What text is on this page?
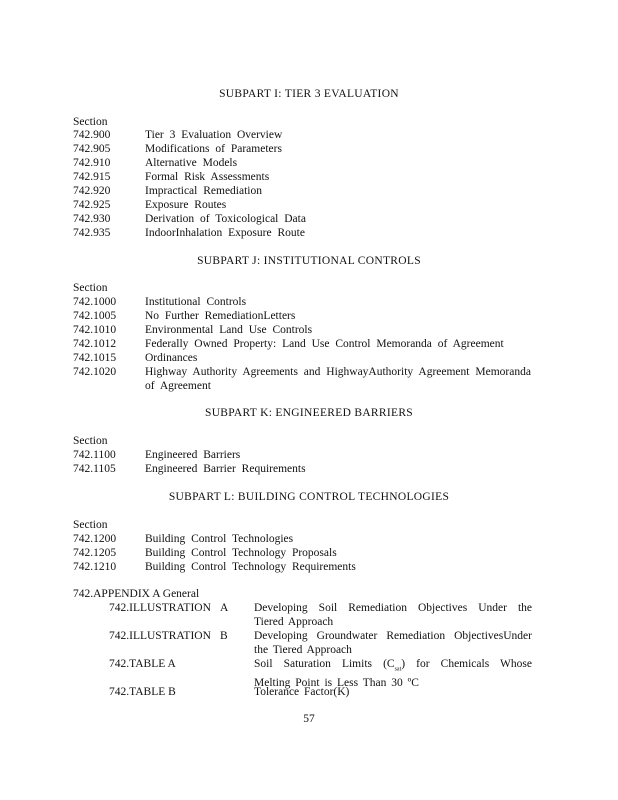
SUBPART I: TIER 3 EVALUATION
Section
742.900	Tier 3 Evaluation Overview
742.905	Modifications of Parameters
742.910	Alternative Models
742.915	Formal Risk Assessments
742.920	Impractical Remediation
742.925	Exposure Routes
742.930	Derivation of Toxicological Data
742.935	IndoorInhalation Exposure Route
SUBPART J: INSTITUTIONAL CONTROLS
Section
742.1000	Institutional Controls
742.1005	No Further RemediationLetters
742.1010	Environmental Land Use Controls
742.1012	Federally Owned Property: Land Use Control Memoranda of Agreement
742.1015	Ordinances
742.1020	Highway Authority Agreements and HighwayAuthority Agreement Memoranda
of Agreement
SUBPART K: ENGINEERED BARRIERS
Section
742.1100	Engineered Barriers
742.1105	Engineered Barrier Requirements
SUBPART L: BUILDING CONTROL TECHNOLOGIES
Section
742.1200	Building Control Technologies
742.1205	Building Control Technology Proposals
742.1210	Building Control Technology Requirements
742.APPENDIX A General
742.ILLUSTRATION A Developing Soil Remediation Objectives Under the Tiered Approach
742.ILLUSTRATION B Developing Groundwater Remediation ObjectivesUnder the Tiered Approach
742.TABLE A	Soil Saturation Limits $(C_{sat})$ for Chemicals Whose Melting Point is Less Than 30 ºC
742.TABLE B	Tolerance Factor(K)
57
